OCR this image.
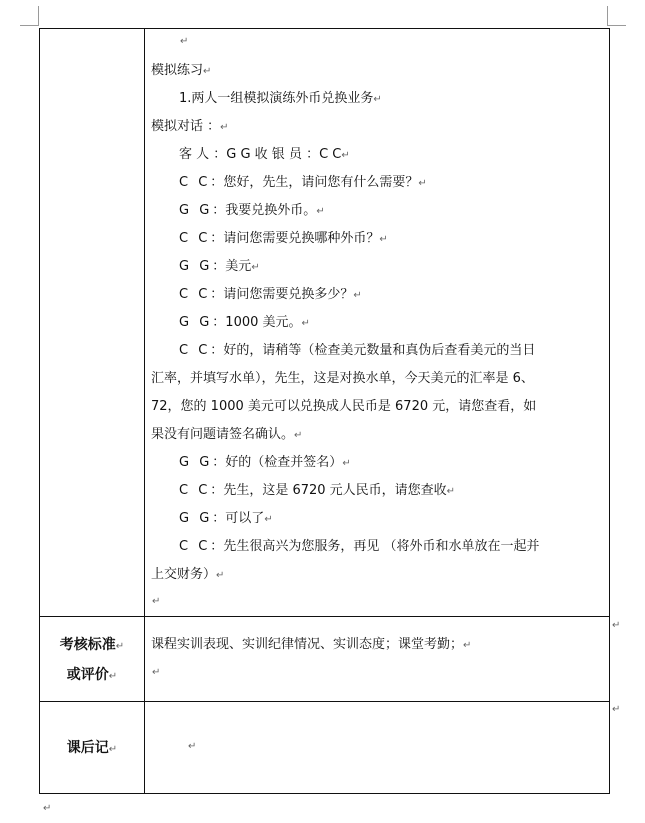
↵
模拟练习↵
1.两人一组模拟演练外币兑换业务↵
模拟对话 ：↵
客 人 ：G G 收 银 员 ：C C↵
C C：您好，先生，请问您有什么需要？↵
G G：我要兑换外币。↵
C C：请问您需要兑换哪种外币？↵
G G：美元↵
C C：请问您需要兑换多少？↵
G G：1000 美元。↵
C C：好的，请稍等（检查美元数量和真伪后查看美元的当日
汇率，并填写水单），先生，这是对换水单，今天美元的汇率是 6、
72，您的 1000 美元可以兑换成人民币是 6720 元，请您查看，如
果没有问题请签名确认。↵
G G：好的（检查并签名）↵
C C：先生，这是 6720 元人民币，请您查收↵
G G：可以了↵
C C：先生很高兴为您服务，再见 （将外币和水单放在一起并
上交财务）↵
↵
考核标准↵
或评价↵
课程实训表现、实训纪律情况、实训态度；课堂考勤；↵
↵
↵
课后记↵	↵
↵
↵
